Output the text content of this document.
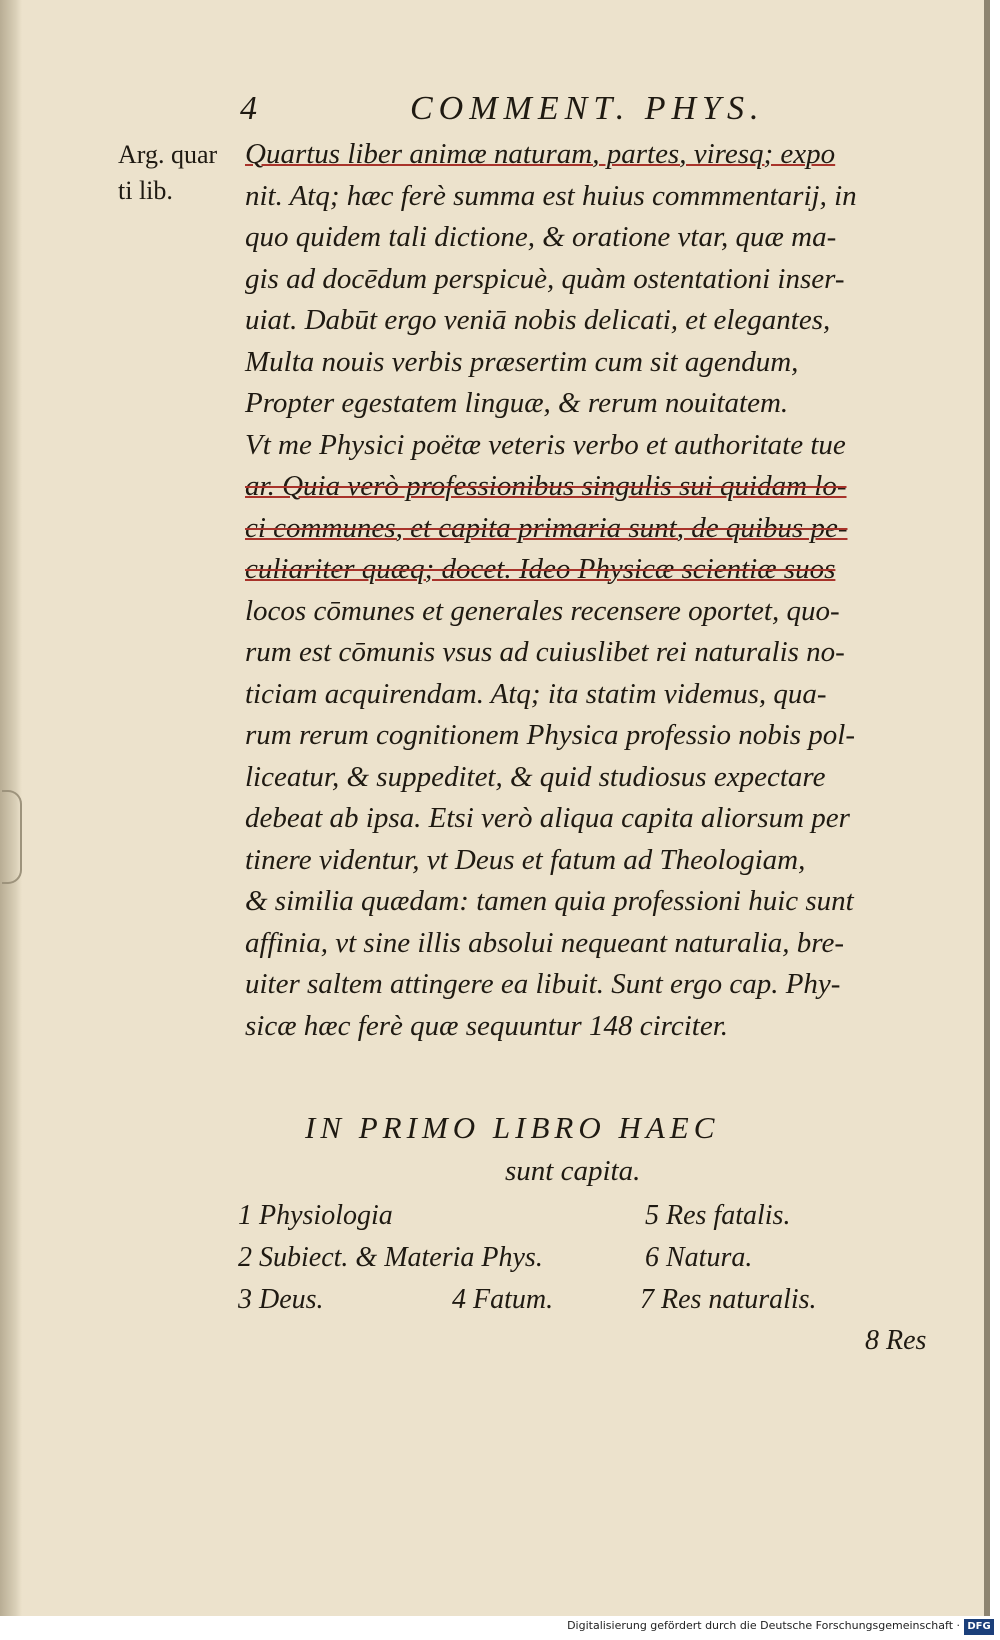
4	COMMENT. PHYS.
Arg. quar
ti lib.
Quartus liber animæ naturam, partes, viresq; expo
nit. Atq; hæc ferè summa est huius commmentarij, in
quo quidem tali dictione, & oratione vtar, quæ ma-
gis ad docēdum perspicuè, quàm ostentationi inser-
uiat. Dabūt ergo veniā nobis delicati, et elegantes,
Multa nouis verbis præsertim cum sit agendum,
Propter egestatem linguæ, & rerum nouitatem.
Vt me Physici poëtæ veteris verbo et authoritate tue
ar. Quia verò professionibus singulis sui quidam lo-
ci communes, et capita primaria sunt, de quibus pe-
culiariter quæq; docet. Ideo Physicæ scientiæ suos
locos cōmunes et generales recensere oportet, quo-
rum est cōmunis vsus ad cuiuslibet rei naturalis no-
ticiam acquirendam. Atq; ita statim videmus, qua-
rum rerum cognitionem Physica professio nobis pol-
liceatur, & suppeditet, & quid studiosus expectare
debeat ab ipsa. Etsi verò aliqua capita aliorsum per
tinere videntur, vt Deus et fatum ad Theologiam,
& similia quædam: tamen quia professioni huic sunt
affinia, vt sine illis absolui nequeant naturalia, bre-
uiter saltem attingere ea libuit. Sunt ergo cap. Phy-
sicæ hæc ferè quæ sequuntur 148 circiter.
IN PRIMO LIBRO HAEC
sunt capita.
1 Physiologia	5 Res fatalis.
2 Subiect. & Materia Phys.	6 Natura.
3 Deus.	4 Fatum.	7 Res naturalis.
8 Res
Digitalisierung gefördert durch die Deutsche Forschungsgemeinschaft · DFG
